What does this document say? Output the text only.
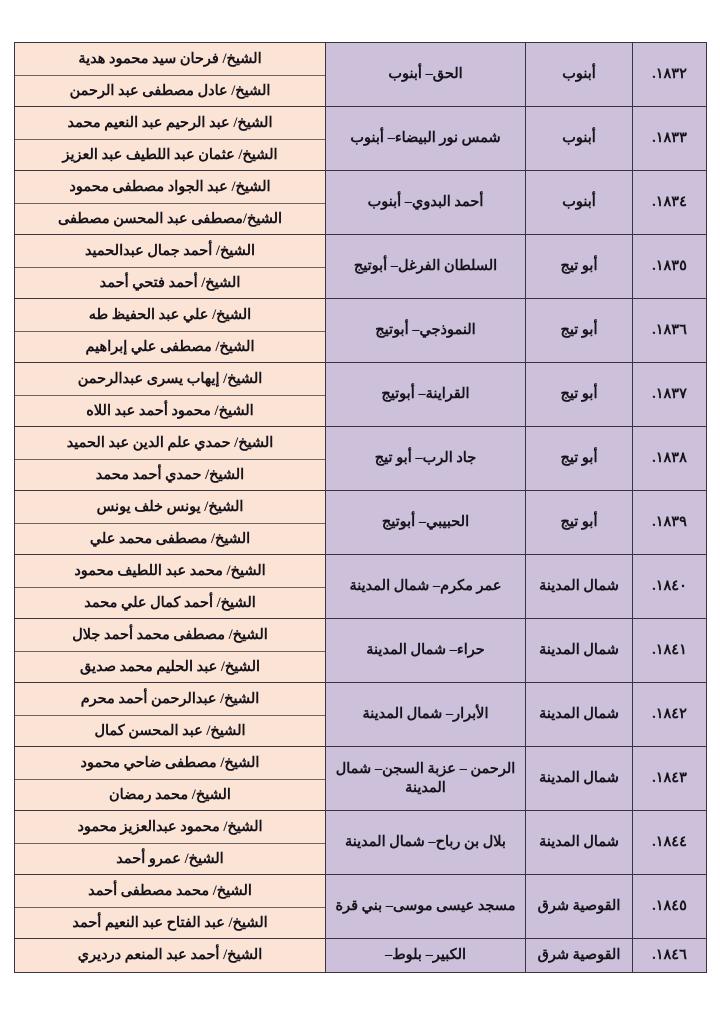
١٨٣٢.	أبنوب	الحق– أبنوب	الشيخ/ فرحان سيد محمود هدية
الشيخ/ عادل مصطفى عبد الرحمن

١٨٣٣.	أبنوب	شمس نور البيضاء– أبنوب	الشيخ/ عبد الرحيم عبد النعيم محمد
الشيخ/ عثمان عبد اللطيف عبد العزيز

١٨٣٤.	أبنوب	أحمد البدوي– أبنوب	الشيخ/ عبد الجواد مصطفى محمود
الشيخ/مصطفى عبد المحسن مصطفى

١٨٣٥.	أبو تيج	السلطان الفرغل– أبوتيج	الشيخ/ أحمد جمال عبدالحميد
الشيخ/ أحمد فتحي أحمد

١٨٣٦.	أبو تيج	النموذجي– أبوتيج	الشيخ/ علي عبد الحفيظ طه
الشيخ/ مصطفى علي إبراهيم

١٨٣٧.	أبو تيج	القراينة– أبوتيج	الشيخ/ إيهاب يسرى عبدالرحمن
الشيخ/ محمود أحمد عبد اللاه

١٨٣٨.	أبو تيج	جاد الرب– أبو تيج	الشيخ/ حمدي علم الدين عبد الحميد
الشيخ/ حمدي أحمد محمد

١٨٣٩.	أبو تيج	الحبيبي– أبوتيج	الشيخ/ يونس خلف يونس
الشيخ/ مصطفى محمد علي

١٨٤٠.	شمال المدينة	عمر مكرم– شمال المدينة	الشيخ/ محمد عبد اللطيف محمود
الشيخ/ أحمد كمال علي محمد

١٨٤١.	شمال المدينة	حراء– شمال المدينة	الشيخ/ مصطفى محمد أحمد جلال
الشيخ/ عبد الحليم محمد صديق

١٨٤٢.	شمال المدينة	الأبرار– شمال المدينة	الشيخ/ عبدالرحمن أحمد محرم
الشيخ/ عبد المحسن كمال

١٨٤٣.	شمال المدينة	الرحمن – عزبة السجن– شمال المدينة	الشيخ/ مصطفى ضاحي محمود
الشيخ/ محمد رمضان

١٨٤٤.	شمال المدينة	بلال بن رباح– شمال المدينة	الشيخ/ محمود عبدالعزيز محمود
الشيخ/ عمرو أحمد

١٨٤٥.	القوصية شرق	مسجد عيسى موسى– بني قرة	الشيخ/ محمد مصطفى أحمد
الشيخ/ عبد الفتاح عبد النعيم أحمد

١٨٤٦.	القوصية شرق	الكبير– بلوط–	الشيخ/ أحمد عبد المنعم درديري
